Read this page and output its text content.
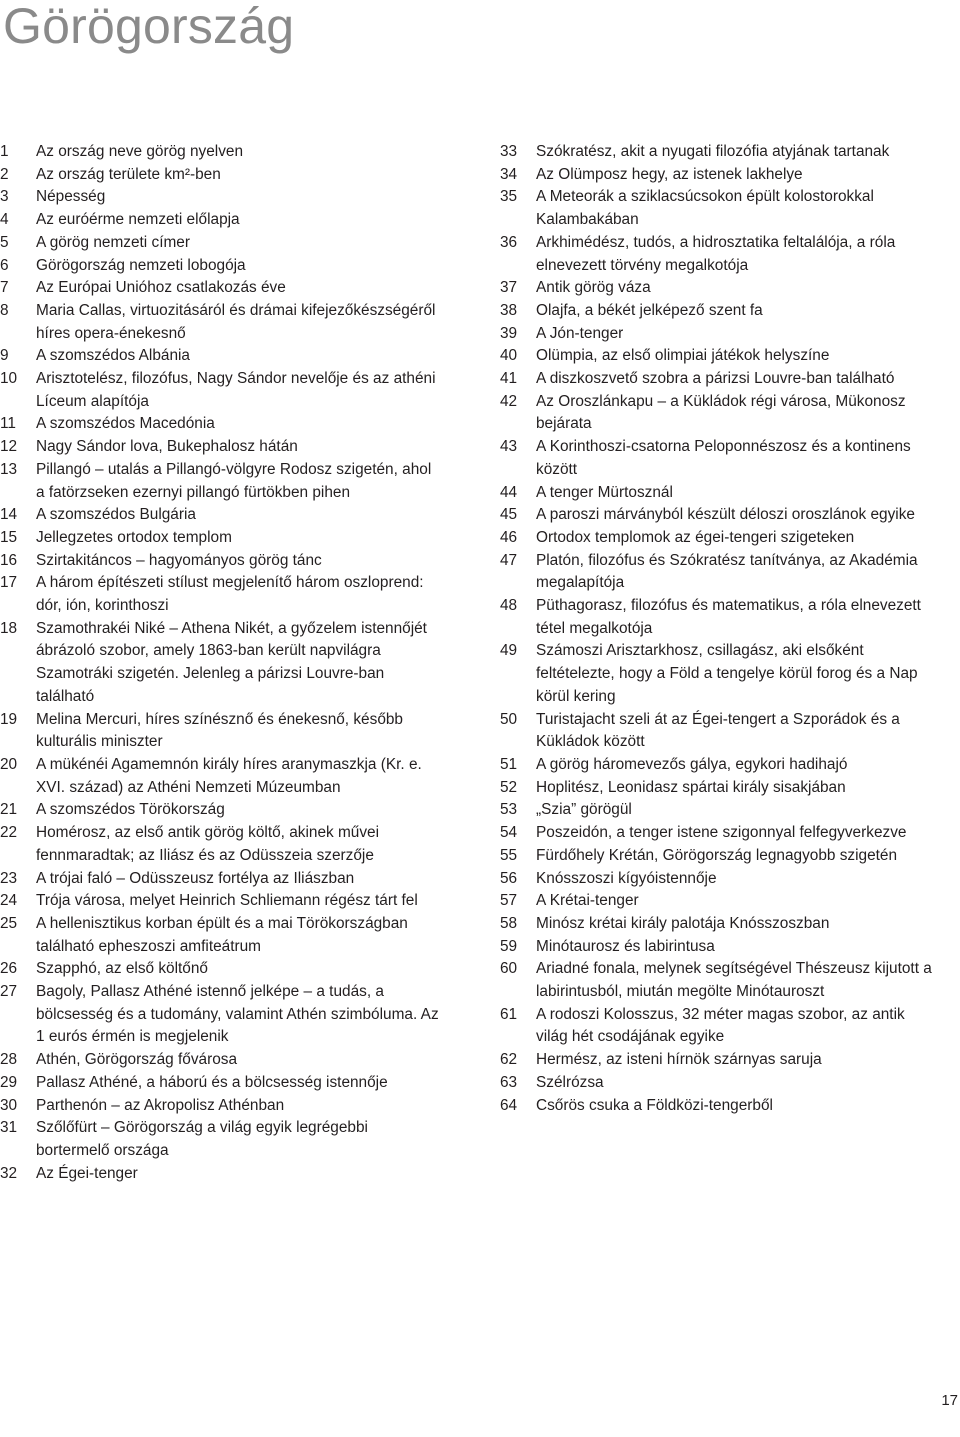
Görögország
1	Az ország neve görög nyelven
2	Az ország területe km²-ben
3	Népesség
4	Az euróérme nemzeti előlapja
5	A görög nemzeti címer
6	Görögország nemzeti lobogója
7	Az Európai Unióhoz csatlakozás éve
8	Maria Callas, virtuozitásáról és drámai kifejezőkészségéről híres opera-énekesnő
9	A szomszédos Albánia
10	Arisztotelész, filozófus, Nagy Sándor nevelője és az athéni Líceum alapítója
11	A szomszédos Macedónia
12	Nagy Sándor lova, Bukephalosz hátán
13	Pillangó – utalás a Pillangó-völgyre Rodosz szigetén, ahol a fatörzseken ezernyi pillangó fürtökben pihen
14	A szomszédos Bulgária
15	Jellegzetes ortodox templom
16	Szirtakitáncos – hagyományos görög tánc
17	A három építészeti stílust megjelenítő három oszloprend: dór, ión, korinthoszi
18	Szamothrakéi Niké – Athena Nikét, a győzelem istennőjét ábrázoló szobor, amely 1863-ban került napvilágra Szamotráki szigetén. Jelenleg a párizsi Louvre-ban található
19	Melina Mercuri, híres színésznő és énekesnő, később kulturális miniszter
20	A mükénéi Agamemnón király híres aranymaszkja (Kr. e. XVI. század) az Athéni Nemzeti Múzeumban
21	A szomszédos Törökország
22	Homérosz, az első antik görög költő, akinek művei fennmaradtak; az Iliász és az Odüsszeia szerzője
23	A trójai faló – Odüsszeusz fortélya az Iliászban
24	Trója városa, melyet Heinrich Schliemann régész tárt fel
25	A hellenisztikus korban épült és a mai Törökországban található epheszoszi amfiteátrum
26	Szapphó, az első költőnő
27	Bagoly, Pallasz Athéné istennő jelképe – a tudás, a bölcsesség és a tudomány, valamint Athén szimbóluma. Az 1 eurós érmén is megjelenik
28	Athén, Görögország fővárosa
29	Pallasz Athéné, a háború és a bölcsesség istennője
30	Parthenón – az Akropolisz Athénban
31	Szőlőfürt – Görögország a világ egyik legrégebbi bortermelő országa
32	Az Égei-tenger
33	Szókratész, akit a nyugati filozófia atyjának tartanak
34	Az Olümposz hegy, az istenek lakhelye
35	A Meteorák a sziklacsúcsokon épült kolostorokkal Kalambakában
36	Arkhimédész, tudós, a hidrosztatika feltalálója, a róla elnevezett törvény megalkotója
37	Antik görög váza
38	Olajfa, a békét jelképező szent fa
39	A Jón-tenger
40	Olümpia, az első olimpiai játékok helyszíne
41	A diszkoszvető szobra a párizsi Louvre-ban található
42	Az Oroszlánkapu – a Kükládok régi városa, Mükonosz bejárata
43	A Korinthoszi-csatorna Peloponnészosz és a kontinens között
44	A tenger Mürtosznál
45	A paroszi márványból készült déloszi oroszlánok egyike
46	Ortodox templomok az égei-tengeri szigeteken
47	Platón, filozófus és Szókratész tanítványa, az Akadémia megalapítója
48	Püthagorasz, filozófus és matematikus, a róla elnevezett tétel megalkotója
49	Számoszi Arisztarkhosz, csillagász, aki elsőként feltételezte, hogy a Föld a tengelye körül forog és a Nap körül kering
50	Turistajacht szeli át az Égei-tengert a Szporádok és a Kükládok között
51	A görög háromevezős gálya, egykori hadihajó
52	Hoplitész, Leonidasz spártai király sisakjában
53	„Szia” görögül
54	Poszeidón, a tenger istene szigonnyal felfegyverkezve
55	Fürdőhely Krétán, Görögország legnagyobb szigetén
56	Knósszoszi kígyóistennője
57	A Krétai-tenger
58	Minósz krétai király palotája Knósszoszban
59	Minótaurosz és labirintusa
60	Ariadné fonala, melynek segítségével Thészeusz kijutott a labirintusból, miután megölte Minótauroszt
61	A rodoszi Kolosszus, 32 méter magas szobor, az antik világ hét csodájának egyike
62	Hermész, az isteni hírnök szárnyas saruja
63	Szélrózsa
64	Csőrös csuka a Földközi-tengerből
17
